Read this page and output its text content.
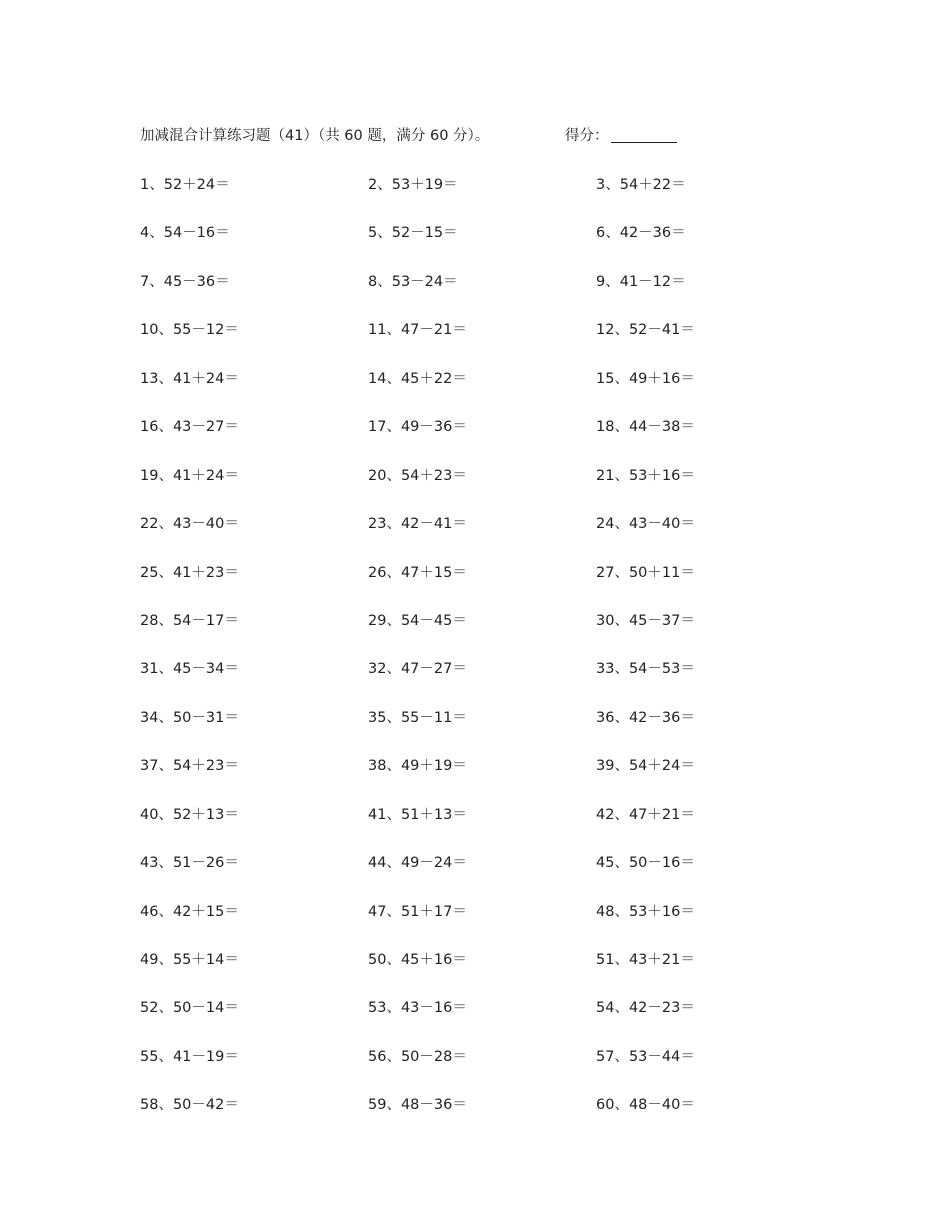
加减混合计算练习题（41）（共 60 题，满分 60 分）。	得分：
1、52＋24＝	2、53＋19＝	3、54＋22＝
4、54－16＝	5、52－15＝	6、42－36＝
7、45－36＝	8、53－24＝	9、41－12＝
10、55－12＝	11、47－21＝	12、52－41＝
13、41＋24＝	14、45＋22＝	15、49＋16＝
16、43－27＝	17、49－36＝	18、44－38＝
19、41＋24＝	20、54＋23＝	21、53＋16＝
22、43－40＝	23、42－41＝	24、43－40＝
25、41＋23＝	26、47＋15＝	27、50＋11＝
28、54－17＝	29、54－45＝	30、45－37＝
31、45－34＝	32、47－27＝	33、54－53＝
34、50－31＝	35、55－11＝	36、42－36＝
37、54＋23＝	38、49＋19＝	39、54＋24＝
40、52＋13＝	41、51＋13＝	42、47＋21＝
43、51－26＝	44、49－24＝	45、50－16＝
46、42＋15＝	47、51＋17＝	48、53＋16＝
49、55＋14＝	50、45＋16＝	51、43＋21＝
52、50－14＝	53、43－16＝	54、42－23＝
55、41－19＝	56、50－28＝	57、53－44＝
58、50－42＝	59、48－36＝	60、48－40＝
